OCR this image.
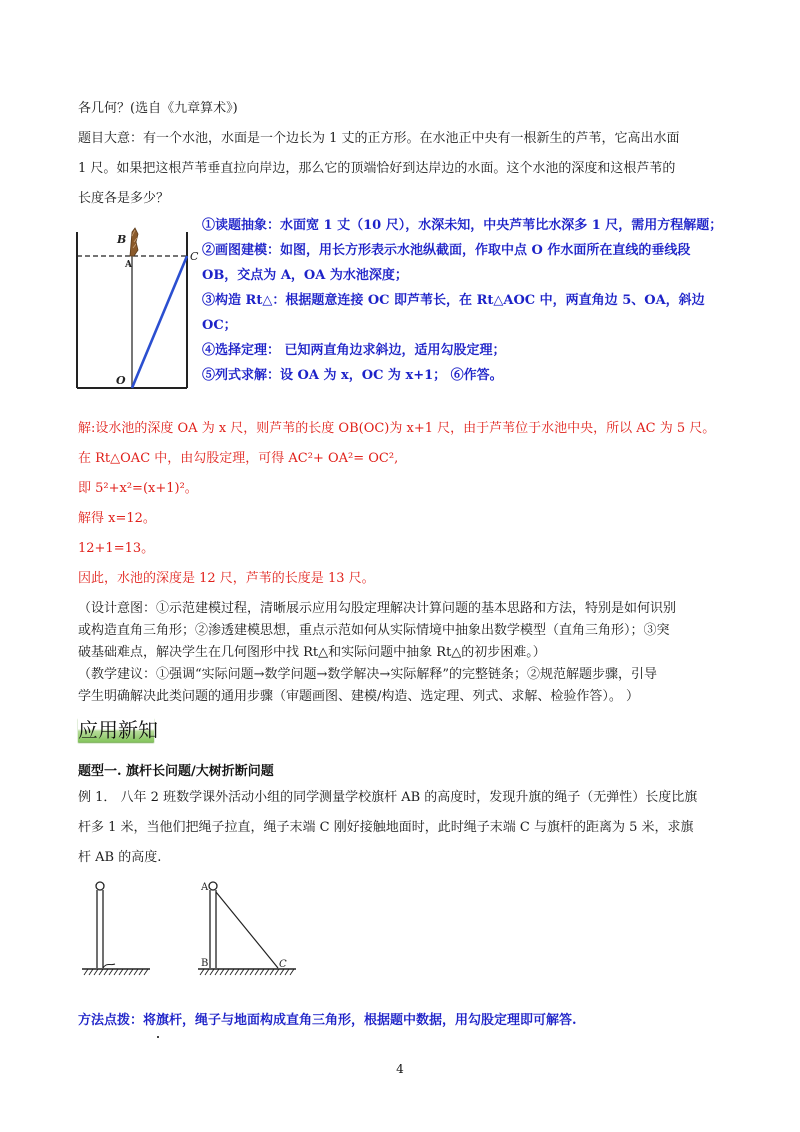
各几何？(选自《九章算术》)
题目大意：有一个水池，水面是一个边长为 1 丈的正方形。在水池正中央有一根新生的芦苇，它高出水面
1 尺。如果把这根芦苇垂直拉向岸边，那么它的顶端恰好到达岸边的水面。这个水池的深度和这根芦苇的
长度各是多少？
B
A
C
O
①读题抽象：水面宽 1 丈（10 尺），水深未知，中央芦苇比水深多 1 尺，需用方程解题；
②画图建模：如图，用长方形表示水池纵截面，作取中点 O 作水面所在直线的垂线段
OB，交点为 A，OA 为水池深度；
③构造 Rt△：根据题意连接 OC 即芦苇长，在 Rt△AOC 中，两直角边 5、OA，斜边
OC；
④选择定理： 已知两直角边求斜边，适用勾股定理；
⑤列式求解：设 OA 为 x，OC 为 x+1； ⑥作答。
解:设水池的深度 OA 为 x 尺，则芦苇的长度 OB(OC)为 x+1 尺，由于芦苇位于水池中央，所以 AC 为 5 尺。
在 Rt△OAC 中，由勾股定理，可得 AC²+ OA²= OC²,
即 5²+x²=(x+1)²。
解得 x=12。
12+1=13。
因此，水池的深度是 12 尺，芦苇的长度是 13 尺。
（设计意图：①示范建模过程，清晰展示应用勾股定理解决计算问题的基本思路和方法，特别是如何识别
或构造直角三角形；②渗透建模思想，重点示范如何从实际情境中抽象出数学模型（直角三角形）；③突
破基础难点，解决学生在几何图形中找 Rt△和实际问题中抽象 Rt△的初步困难。）
（教学建议：①强调“实际问题→数学问题→数学解决→实际解释”的完整链条；②规范解题步骤，引导
学生明确解决此类问题的通用步骤（审题画图、建模/构造、选定理、列式、求解、检验作答）。 ）
应用新知
题型一. 旗杆长问题/大树折断问题
例 1． 八年 2 班数学课外活动小组的同学测量学校旗杆 AB 的高度时，发现升旗的绳子（无弹性）长度比旗
杆多 1 米，当他们把绳子拉直，绳子末端 C 刚好接触地面时，此时绳子末端 C 与旗杆的距离为 5 米，求旗
杆 AB 的高度.
A
B	C
方法点拨：将旗杆，绳子与地面构成直角三角形，根据题中数据，用勾股定理即可解答.
4
